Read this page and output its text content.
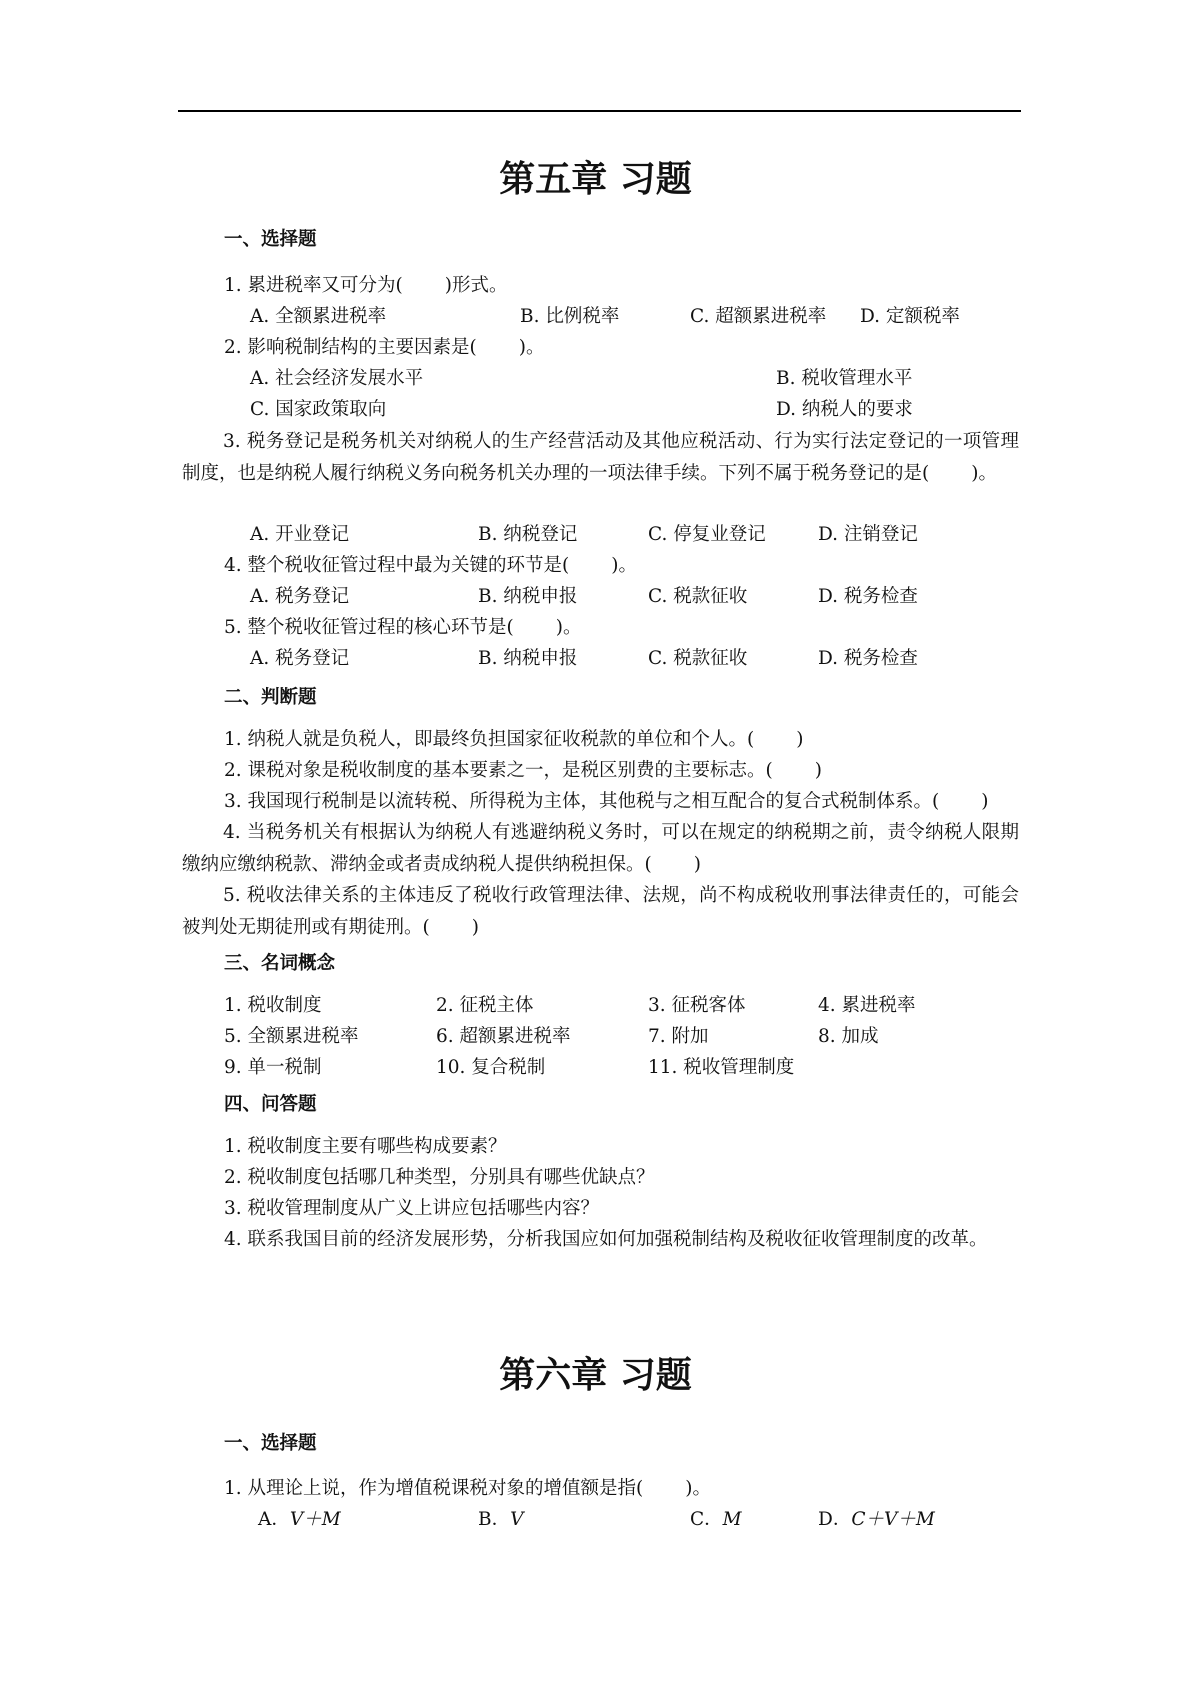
第五章 习题
一、选择题
1. 累进税率又可分为( )形式。
A. 全额累进税率	B. 比例税率	C. 超额累进税率 D. 定额税率
2. 影响税制结构的主要因素是( )。
A. 社会经济发展水平	B. 税收管理水平
C. 国家政策取向	D. 纳税人的要求
3. 税务登记是税务机关对纳税人的生产经营活动及其他应税活动、行为实行法定登记的一项管理制度，也是纳税人履行纳税义务向税务机关办理的一项法律手续。下列不属于税务登记的是( )。
A. 开业登记	B. 纳税登记	C. 停复业登记	D. 注销登记
4. 整个税收征管过程中最为关键的环节是( )。
A. 税务登记	B. 纳税申报	C. 税款征收	D. 税务检查
5. 整个税收征管过程的核心环节是( )。
A. 税务登记	B. 纳税申报	C. 税款征收	D. 税务检查
二、判断题
1. 纳税人就是负税人，即最终负担国家征收税款的单位和个人。( )
2. 课税对象是税收制度的基本要素之一，是税区别费的主要标志。( )
3. 我国现行税制是以流转税、所得税为主体，其他税与之相互配合的复合式税制体系。( )
4. 当税务机关有根据认为纳税人有逃避纳税义务时，可以在规定的纳税期之前，责令纳税人限期缴纳应缴纳税款、滞纳金或者责成纳税人提供纳税担保。( )
5. 税收法律关系的主体违反了税收行政管理法律、法规，尚不构成税收刑事法律责任的，可能会被判处无期徒刑或有期徒刑。( )
三、名词概念
1. 税收制度	2. 征税主体	3. 征税客体	4. 累进税率
5. 全额累进税率	6. 超额累进税率	7. 附加	8. 加成
9. 单一税制	10. 复合税制	11. 税收管理制度
四、问答题
1. 税收制度主要有哪些构成要素？
2. 税收制度包括哪几种类型，分别具有哪些优缺点？
3. 税收管理制度从广义上讲应包括哪些内容？
4. 联系我国目前的经济发展形势，分析我国应如何加强税制结构及税收征收管理制度的改革。
第六章 习题
一、选择题
1. 从理论上说，作为增值税课税对象的增值额是指( )。
A．V＋M	B．V	C．M	D．C＋V＋M
